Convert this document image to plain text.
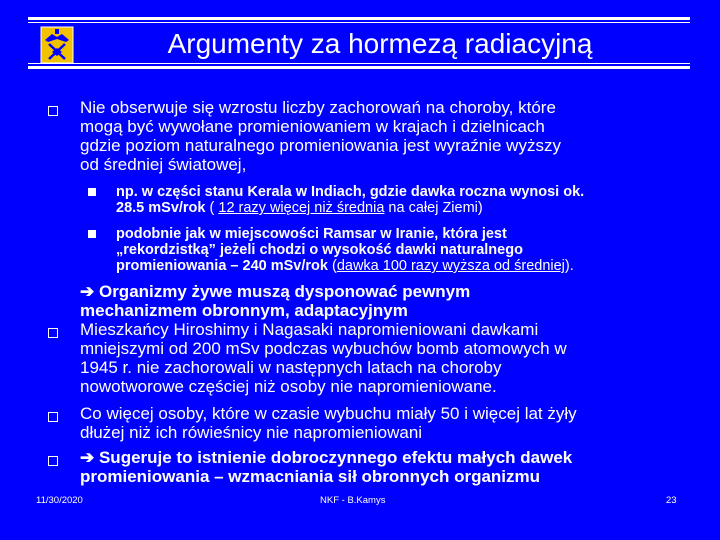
Argumenty za hormezą radiacyjną
Nie obserwuje się wzrostu liczby zachorowań na choroby, które
mogą być wywołane promieniowaniem w krajach i dzielnicach
gdzie poziom naturalnego promieniowania jest wyraźnie wyższy
od średniej światowej,
np. w części stanu Kerala w Indiach, gdzie dawka roczna wynosi ok.
28.5 mSv/rok ( 12 razy więcej niż średnia na całej Ziemi)
podobnie jak w miejscowości Ramsar w Iranie, która jest
„rekordzistką” jeżeli chodzi o wysokość dawki naturalnego
promieniowania – 240 mSv/rok (dawka 100 razy wyższa od średniej).
➔ Organizmy żywe muszą dysponować pewnym
mechanizmem obronnym, adaptacyjnym
Mieszkańcy Hiroshimy i Nagasaki napromieniowani dawkami
mniejszymi od 200 mSv podczas wybuchów bomb atomowych w
1945 r. nie zachorowali w następnych latach na choroby
nowotworowe częściej niż osoby nie napromieniowane.
Co więcej osoby, które w czasie wybuchu miały 50 i więcej lat żyły
dłużej niż ich rówieśnicy nie napromieniowani
➔ Sugeruje to istnienie dobroczynnego efektu małych dawek
promieniowania – wzmacniania sił obronnych organizmu
11/30/2020	NKF - B.Kamys	23
